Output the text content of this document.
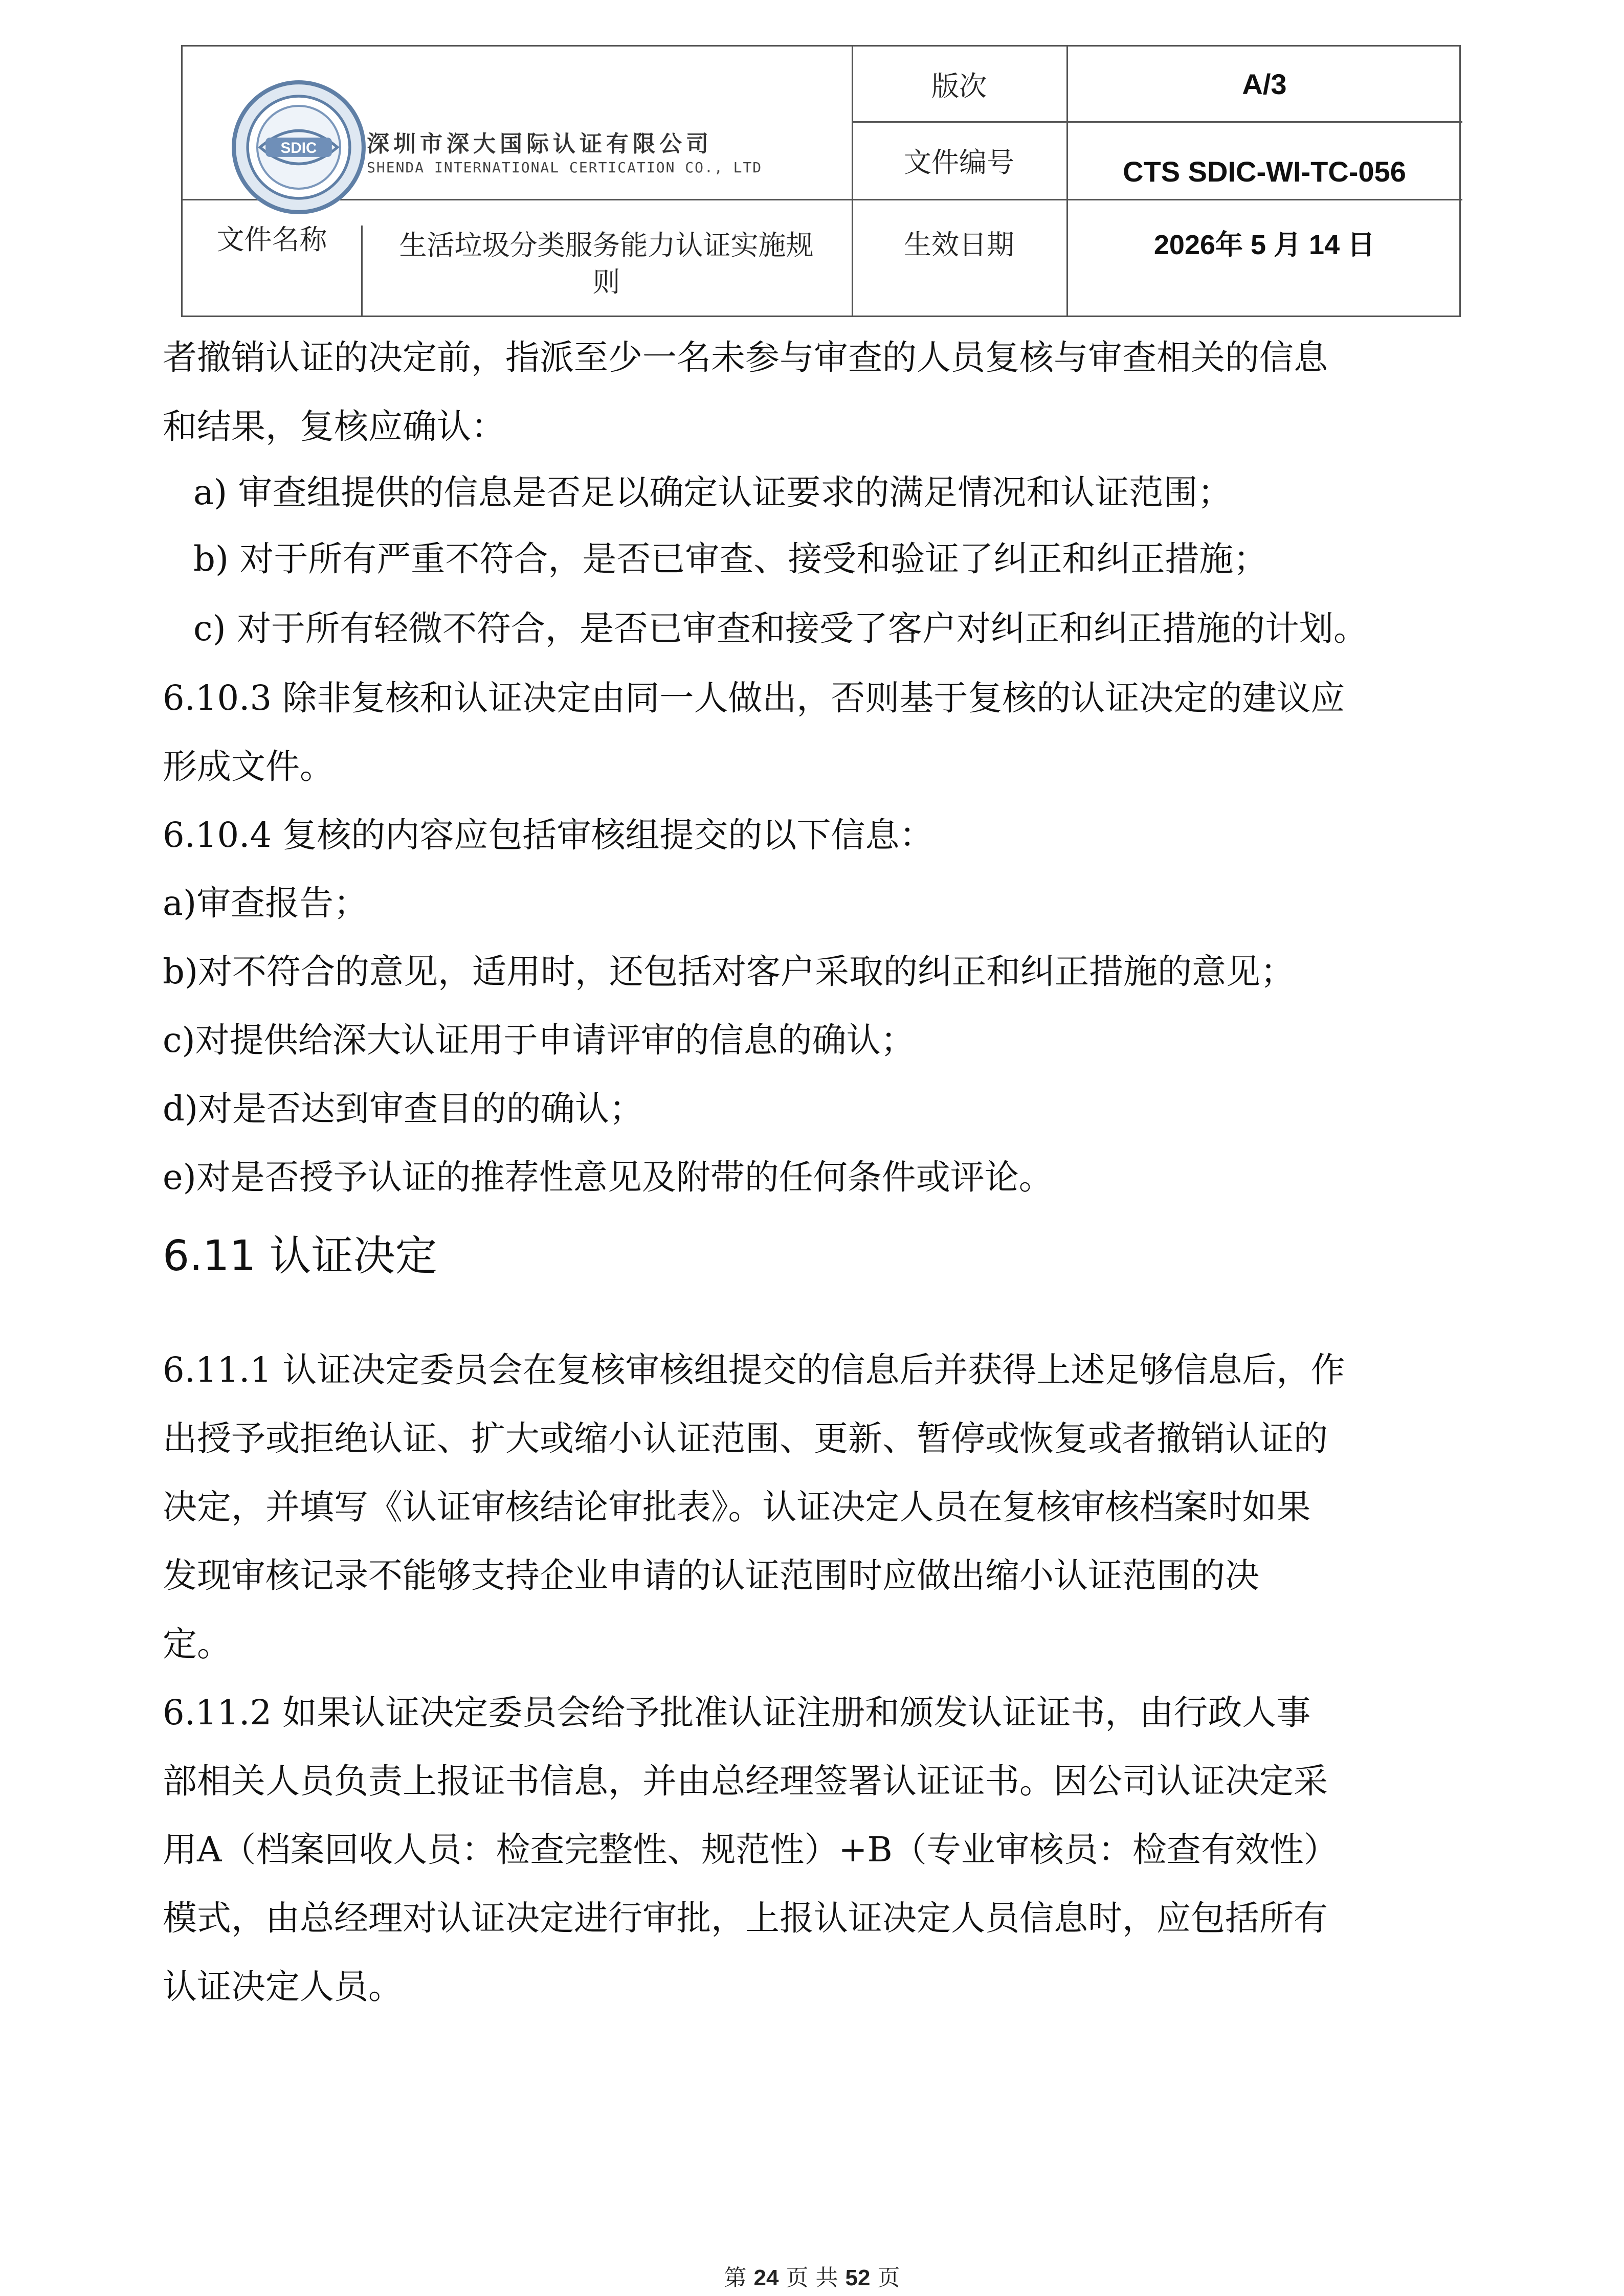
SDIC 深圳市深大国际认证有限公司
SHENDA INTERNATIONAL CERTICATION CO., LTD
版次	A/3
文件编号	CTS SDIC-WI-TC-056
文件名称	生活垃圾分类服务能力认证实施规
则
生效日期	2026年 5 月 14 日
者撤销认证的决定前，指派至少一名未参与审查的人员复核与审查相关的信息
和结果，复核应确认：
a) 审查组提供的信息是否足以确定认证要求的满足情况和认证范围；
b) 对于所有严重不符合，是否已审查、接受和验证了纠正和纠正措施；
c) 对于所有轻微不符合，是否已审查和接受了客户对纠正和纠正措施的计划。
6.10.3 除非复核和认证决定由同一人做出，否则基于复核的认证决定的建议应
形成文件。
6.10.4 复核的内容应包括审核组提交的以下信息：
a)审查报告；
b)对不符合的意见，适用时，还包括对客户采取的纠正和纠正措施的意见；
c)对提供给深大认证用于申请评审的信息的确认；
d)对是否达到审查目的的确认；
e)对是否授予认证的推荐性意见及附带的任何条件或评论。
6.11 认证决定
6.11.1 认证决定委员会在复核审核组提交的信息后并获得上述足够信息后，作
出授予或拒绝认证、扩大或缩小认证范围、更新、暂停或恢复或者撤销认证的
决定，并填写《认证审核结论审批表》。认证决定人员在复核审核档案时如果
发现审核记录不能够支持企业申请的认证范围时应做出缩小认证范围的决
定。
6.11.2 如果认证决定委员会给予批准认证注册和颁发认证证书，由行政人事
部相关人员负责上报证书信息，并由总经理签署认证证书。因公司认证决定采
用A（档案回收人员：检查完整性、规范性）+B（专业审核员：检查有效性）
模式，由总经理对认证决定进行审批，上报认证决定人员信息时，应包括所有
认证决定人员。
第 24 页 共 52 页
